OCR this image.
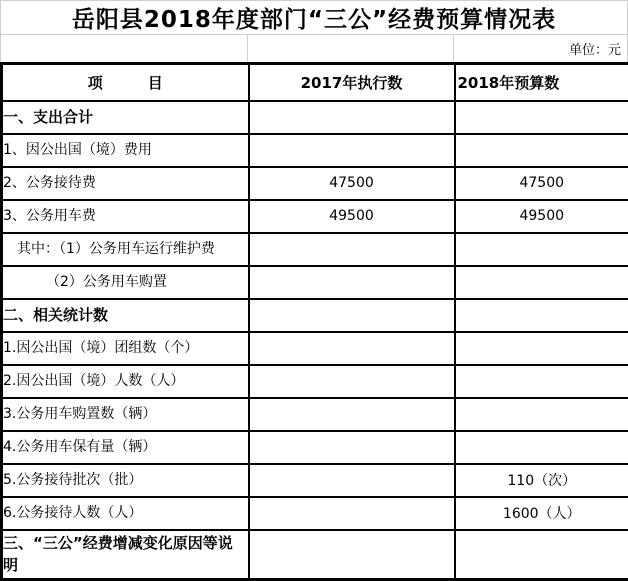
岳阳县2018年度部门“三公”经费预算情况表
单位：元
项　　　目	2017年执行数	2018年预算数
一、支出合计		
1、因公出国（境）费用		
2、公务接待费	47500	47500
3、公务用车费	49500	49500
其中：（1）公务用车运行维护费		
（2）公务用车购置		
二、相关统计数		
1.因公出国（境）团组数（个）		
2.因公出国（境）人数（人）		
3.公务用车购置数（辆）		
4.公务用车保有量（辆）		
5.公务接待批次（批）		110（次）
6.公务接待人数（人）		1600（人）
三、“三公”经费增减变化原因等说明		
